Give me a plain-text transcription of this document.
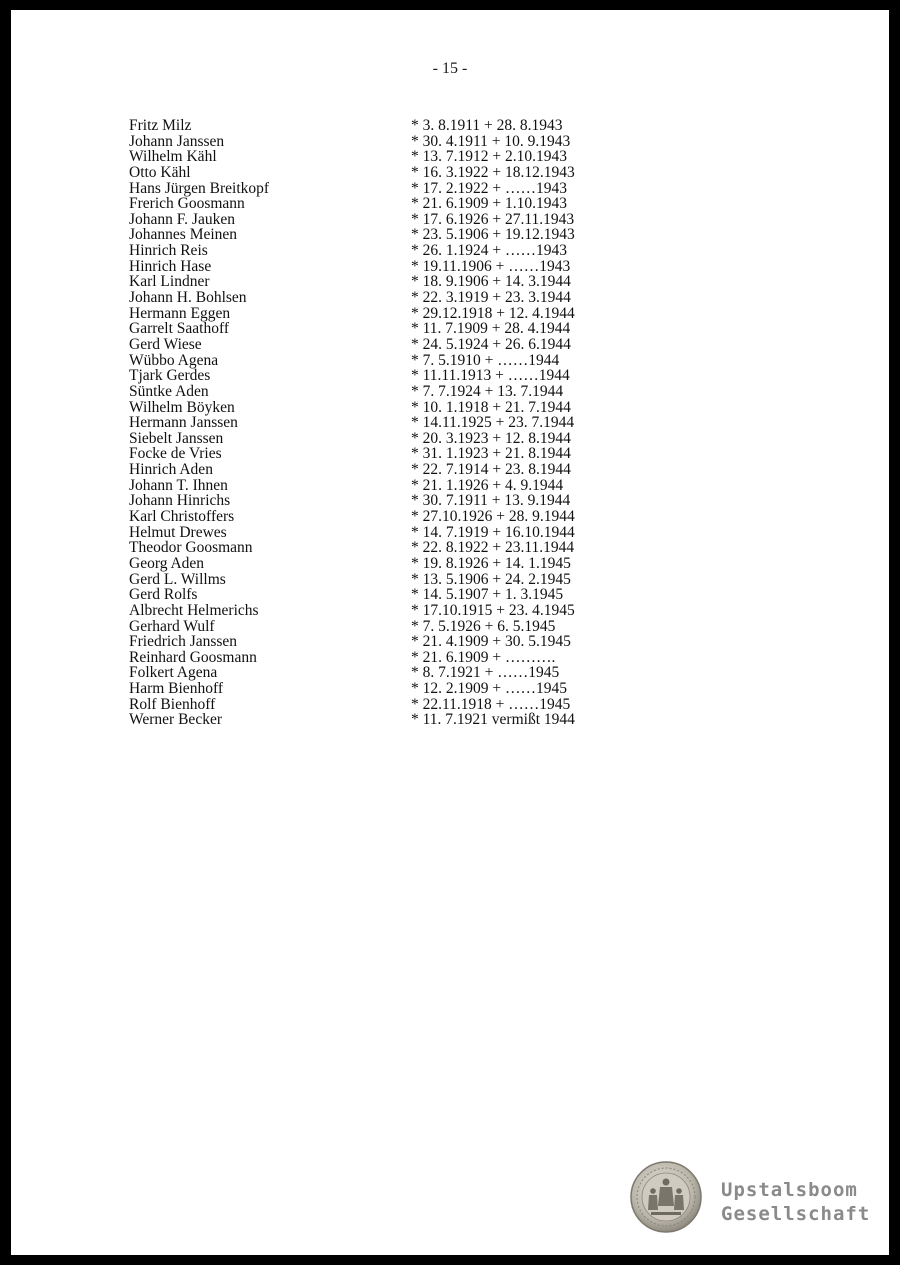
- 15 -
Fritz Milz	* 3. 8.1911 + 28. 8.1943
Johann Janssen	* 30. 4.1911 + 10. 9.1943
Wilhelm Kähl	* 13. 7.1912 + 2.10.1943
Otto Kähl	* 16. 3.1922 + 18.12.1943
Hans Jürgen Breitkopf	* 17. 2.1922 + ……1943
Frerich Goosmann	* 21. 6.1909 + 1.10.1943
Johann F. Jauken	* 17. 6.1926 + 27.11.1943
Johannes Meinen	* 23. 5.1906 + 19.12.1943
Hinrich Reis	* 26. 1.1924 + ……1943
Hinrich Hase	* 19.11.1906 + ……1943
Karl Lindner	* 18. 9.1906 + 14. 3.1944
Johann H. Bohlsen	* 22. 3.1919 + 23. 3.1944
Hermann Eggen	* 29.12.1918 + 12. 4.1944
Garrelt Saathoff	* 11. 7.1909 + 28. 4.1944
Gerd Wiese	* 24. 5.1924 + 26. 6.1944
Wübbo Agena	* 7. 5.1910 + ……1944
Tjark Gerdes	* 11.11.1913 + ……1944
Süntke Aden	* 7. 7.1924 + 13. 7.1944
Wilhelm Böyken	* 10. 1.1918 + 21. 7.1944
Hermann Janssen	* 14.11.1925 + 23. 7.1944
Siebelt Janssen	* 20. 3.1923 + 12. 8.1944
Focke de Vries	* 31. 1.1923 + 21. 8.1944
Hinrich Aden	* 22. 7.1914 + 23. 8.1944
Johann T. Ihnen	* 21. 1.1926 + 4. 9.1944
Johann Hinrichs	* 30. 7.1911 + 13. 9.1944
Karl Christoffers	* 27.10.1926 + 28. 9.1944
Helmut Drewes	* 14. 7.1919 + 16.10.1944
Theodor Goosmann	* 22. 8.1922 + 23.11.1944
Georg Aden	* 19. 8.1926 + 14. 1.1945
Gerd L. Willms	* 13. 5.1906 + 24. 2.1945
Gerd Rolfs	* 14. 5.1907 + 1. 3.1945
Albrecht Helmerichs	* 17.10.1915 + 23. 4.1945
Gerhard Wulf	* 7. 5.1926 + 6. 5.1945
Friedrich Janssen	* 21. 4.1909 + 30. 5.1945
Reinhard Goosmann	* 21. 6.1909 + ……….
Folkert Agena	* 8. 7.1921 + ……1945
Harm Bienhoff	* 12. 2.1909 + ……1945
Rolf Bienhoff	* 22.11.1918 + ……1945
Werner Becker	* 11. 7.1921 vermißt 1944
Upstalsboom
Gesellschaft
